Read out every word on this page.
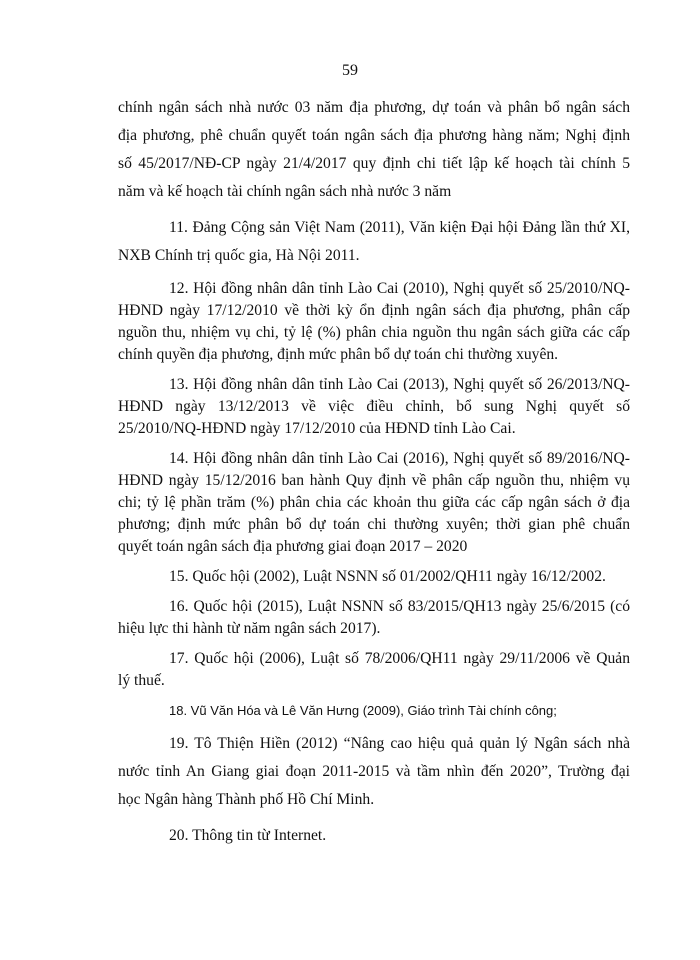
59
chính ngân sách nhà nước 03 năm địa phương, dự toán và phân bổ ngân sách
địa phương, phê chuẩn quyết toán ngân sách địa phương hàng năm; Nghị định
số 45/2017/NĐ-CP ngày 21/4/2017 quy định chi tiết lập kế hoạch tài chính 5
năm và kế hoạch tài chính ngân sách nhà nước 3 năm
11. Đảng Cộng sản Việt Nam (2011), Văn kiện Đại hội Đảng lần thứ XI,
NXB Chính trị quốc gia, Hà Nội 2011.
12. Hội đồng nhân dân tỉnh Lào Cai (2010), Nghị quyết số 25/2010/NQ-
HĐND ngày 17/12/2010 về thời kỳ ổn định ngân sách địa phương, phân cấp
nguồn thu, nhiệm vụ chi, tỷ lệ (%) phân chia nguồn thu ngân sách giữa các cấp
chính quyền địa phương, định mức phân bổ dự toán chi thường xuyên.
13. Hội đồng nhân dân tỉnh Lào Cai (2013), Nghị quyết số 26/2013/NQ-
HĐND ngày 13/12/2013 về việc điều chỉnh, bổ sung Nghị quyết số
25/2010/NQ-HĐND ngày 17/12/2010 của HĐND tỉnh Lào Cai.
14. Hội đồng nhân dân tỉnh Lào Cai (2016), Nghị quyết số 89/2016/NQ-
HĐND ngày 15/12/2016 ban hành Quy định về phân cấp nguồn thu, nhiệm vụ
chi; tỷ lệ phần trăm (%) phân chia các khoản thu giữa các cấp ngân sách ở địa
phương; định mức phân bổ dự toán chi thường xuyên; thời gian phê chuẩn
quyết toán ngân sách địa phương giai đoạn 2017 – 2020
15. Quốc hội (2002), Luật NSNN số 01/2002/QH11 ngày 16/12/2002.
16. Quốc hội (2015), Luật NSNN số 83/2015/QH13 ngày 25/6/2015 (có
hiệu lực thi hành từ năm ngân sách 2017).
17. Quốc hội (2006), Luật số 78/2006/QH11 ngày 29/11/2006 về Quản
lý thuế.
18. Vũ Văn Hóa và Lê Văn Hưng (2009), Giáo trình Tài chính công;
19. Tô Thiện Hiền (2012) “Nâng cao hiệu quả quản lý Ngân sách nhà
nước tỉnh An Giang giai đoạn 2011-2015 và tầm nhìn đến 2020”, Trường đại
học Ngân hàng Thành phố Hồ Chí Minh.
20. Thông tin từ Internet.
